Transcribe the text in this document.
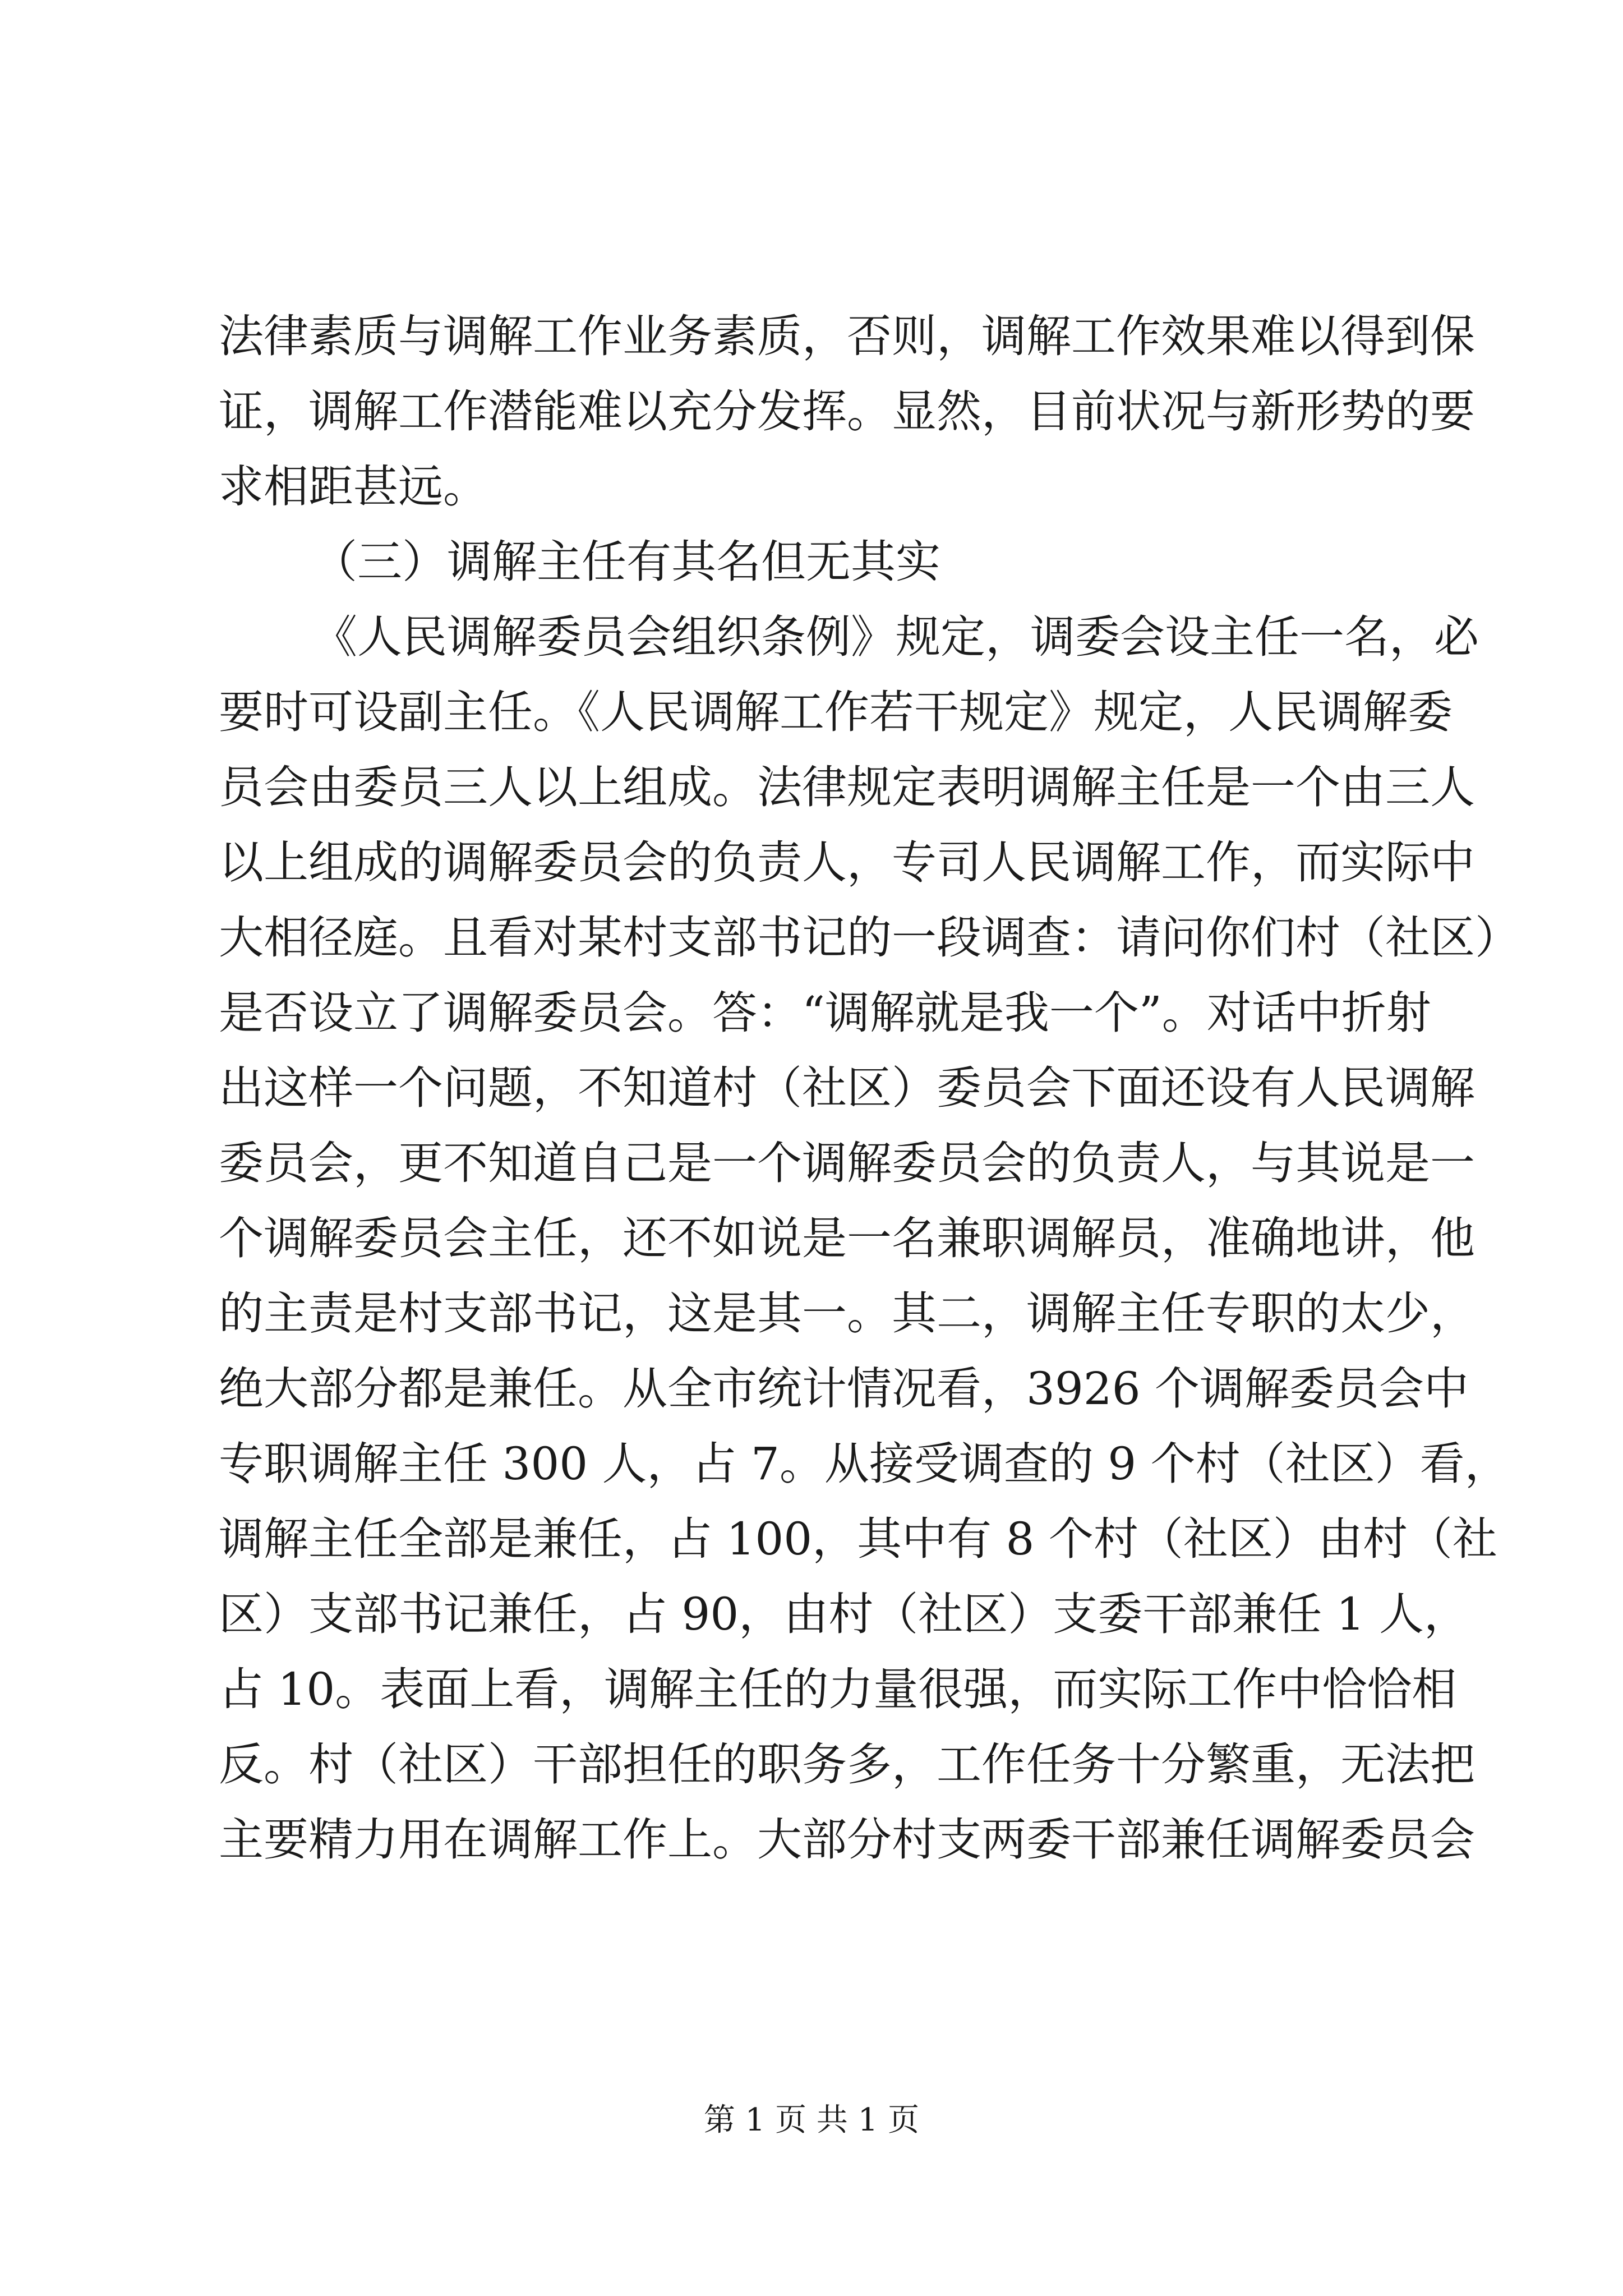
法律素质与调解工作业务素质，否则，调解工作效果难以得到保
证，调解工作潜能难以充分发挥。显然，目前状况与新形势的要
求相距甚远。
（三）调解主任有其名但无其实
《人民调解委员会组织条例》规定，调委会设主任一名，必
要时可设副主任。《人民调解工作若干规定》规定，人民调解委
员会由委员三人以上组成。法律规定表明调解主任是一个由三人
以上组成的调解委员会的负责人，专司人民调解工作，而实际中
大相径庭。且看对某村支部书记的一段调查：请问你们村（社区）
是否设立了调解委员会。答：“调解就是我一个”。对话中折射
出这样一个问题，不知道村（社区）委员会下面还设有人民调解
委员会，更不知道自己是一个调解委员会的负责人，与其说是一
个调解委员会主任，还不如说是一名兼职调解员，准确地讲，他
的主责是村支部书记，这是其一。其二，调解主任专职的太少，
绝大部分都是兼任。从全市统计情况看，3926 个调解委员会中
专职调解主任 300 人，占 7。从接受调查的 9 个村（社区）看，
调解主任全部是兼任，占 100，其中有 8 个村（社区）由村（社
区）支部书记兼任，占 90，由村（社区）支委干部兼任 1 人，
占 10。表面上看，调解主任的力量很强，而实际工作中恰恰相
反。村（社区）干部担任的职务多，工作任务十分繁重，无法把
主要精力用在调解工作上。大部分村支两委干部兼任调解委员会
第 1 页 共 1 页
